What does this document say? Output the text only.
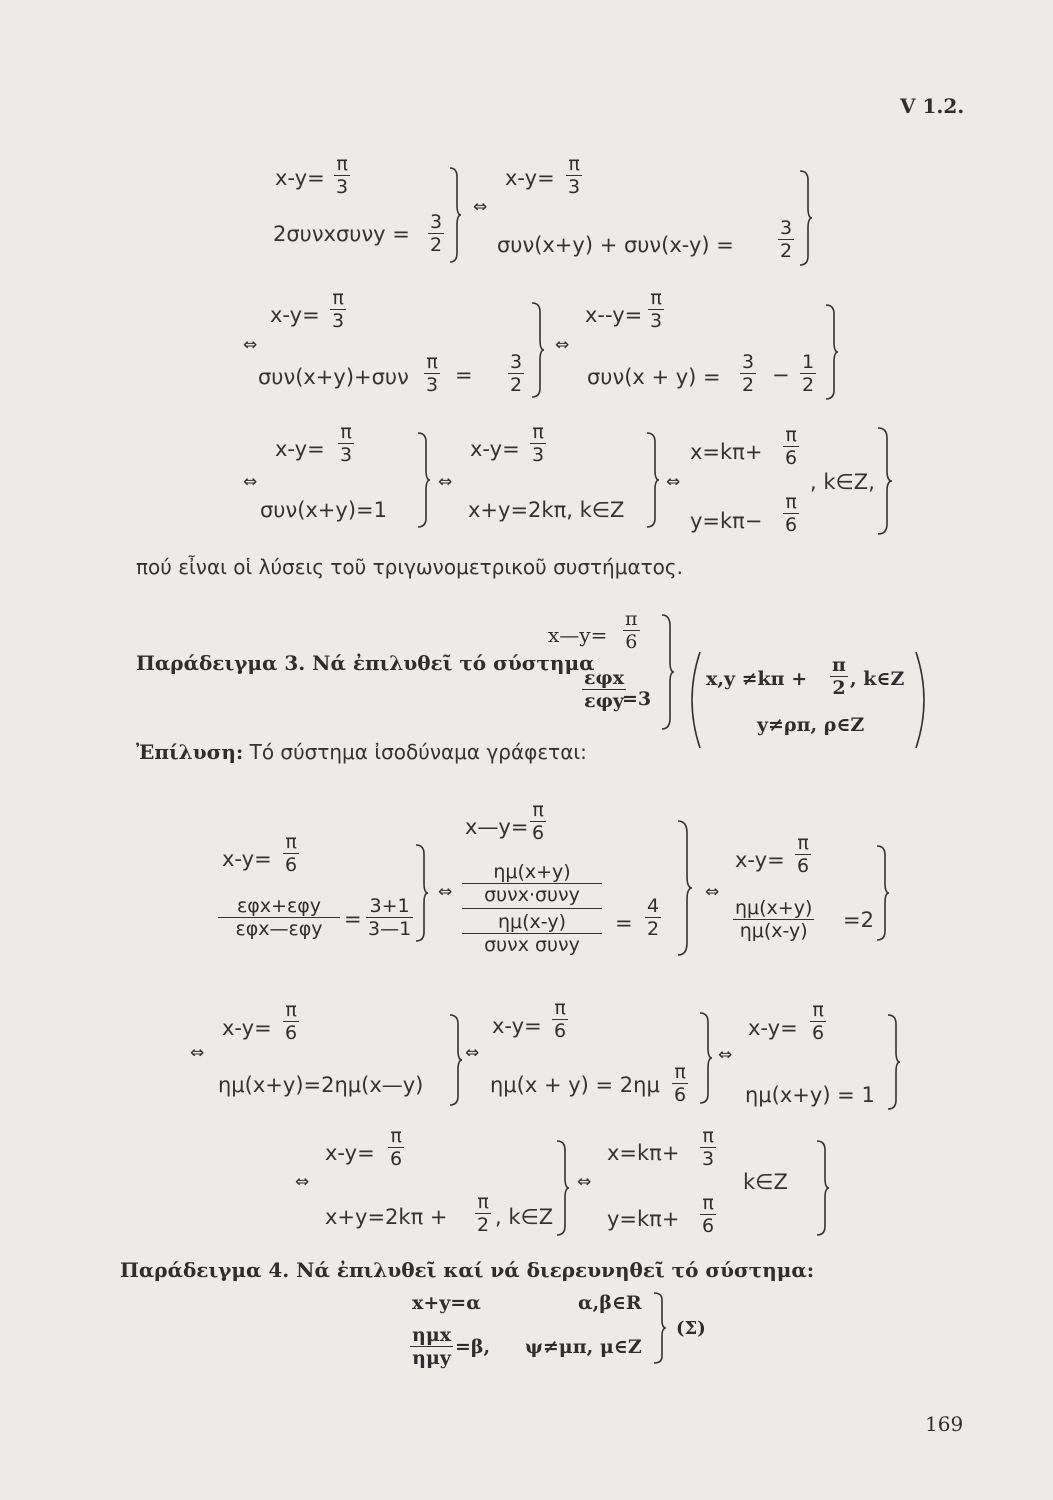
V 1.2.
x-y=
π
3
2συνxσυνy = 3
2
⇔
x-y=
π
3
συν(x+y) + συν(x-y) =
3
2
⇔
x-y=
π
3
συν(x+y)+συν
π
3 =
3
2
⇔
x--y=
π
3
συν(x + y) =
3
2 −
1
2
⇔
x-y=
π
3
συν(x+y)=1
⇔
x-y=
π
3
x+y=2kπ, k∈Z
⇔
x=kπ+
π
6
y=kπ−
π
6
, k∈Z,
πού εἶναι οἱ λύσεις τοῦ τριγωνομετρικοῦ συστήματος.
Παράδειγμα 3. Νά ἐπιλυθεῖ τό σύστημα
x—y=
π
6
εφx
εφy
=3
x,y ≠kπ +
π
2 , k∈Z
y≠ρπ, ρ∈Z
Ἐπίλυση: Τό σύστημα ἰσοδύναμα γράφεται:
x-y=
π
6
εφx+εφy
εφx—εφy	=
3+1
3—1
⇔
x—y=
π
6
ημ(x+y)
συνx·συνy
ημ(x-y)
συνx συνy
=
4
2
⇔
x-y=
π
6
ημ(x+y)
ημ(x-y)	=2
⇔
x-y=
π
6
ημ(x+y)=2ημ(x—y)
⇔
x-y=
π
6
ημ(x + y) = 2ημ
π
6
⇔
x-y=
π
6
ημ(x+y) = 1
⇔
x-y=
π
6
x+y=2kπ +
π
2 , k∈Z
⇔
x=kπ+
π
3
y=kπ+
π
6
k∈Z
Παράδειγμα 4. Νά ἐπιλυθεῖ καί νά διερευνηθεῖ τό σύστημα:
x+y=α	α,β∈R
ημx
ημy =β, ψ≠μπ, μ∈Z
(Σ)
169
